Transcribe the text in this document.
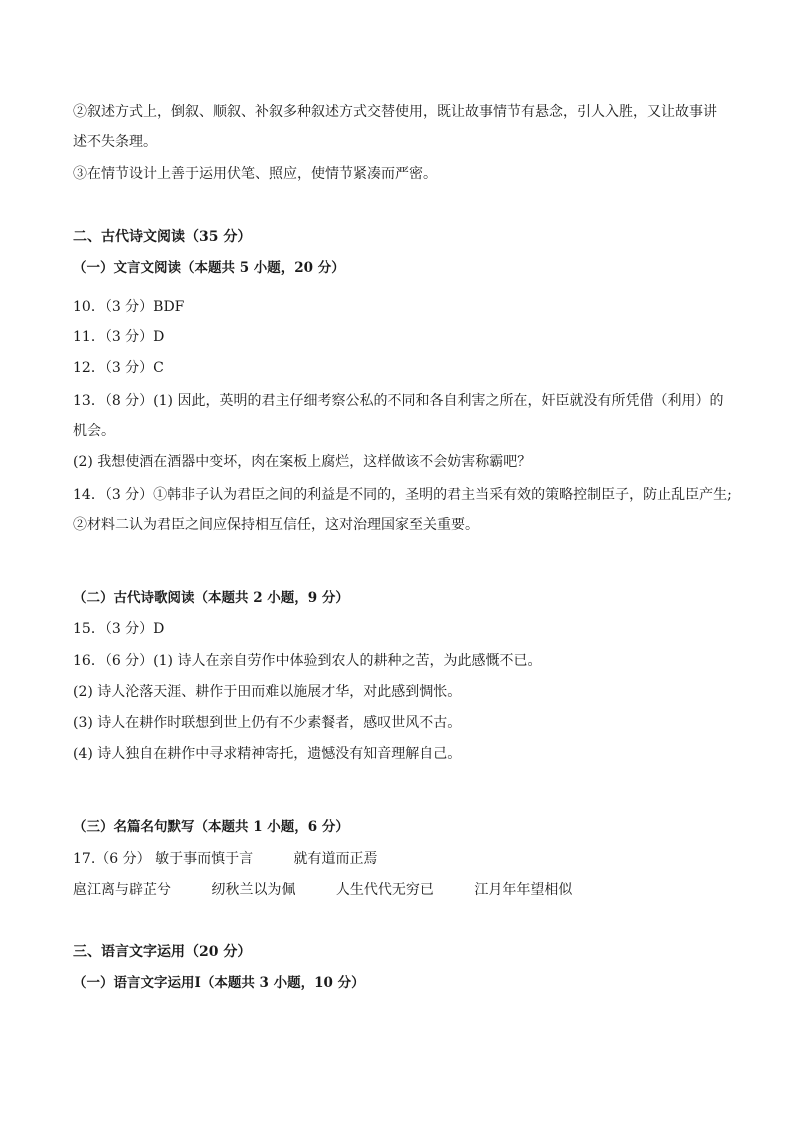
②叙述方式上，倒叙、顺叙、补叙多种叙述方式交替使用，既让故事情节有悬念，引人入胜，又让故事讲
述不失条理。
③在情节设计上善于运用伏笔、照应，使情节紧凑而严密。
二、古代诗文阅读（35 分）
（一）文言文阅读（本题共 5 小题，20 分）
10．（3 分）BDF
11．（3 分）D
12．（3 分）C
13．（8 分）(1) 因此，英明的君主仔细考察公私的不同和各自利害之所在，奸臣就没有所凭借（利用）的
机会。
(2) 我想使酒在酒器中变坏，肉在案板上腐烂，这样做该不会妨害称霸吧？
14．（3 分）①韩非子认为君臣之间的利益是不同的，圣明的君主当采有效的策略控制臣子，防止乱臣产生;
②材料二认为君臣之间应保持相互信任，这对治理国家至关重要。
（二）古代诗歌阅读（本题共 2 小题，9 分）
15．（3 分）D
16．（6 分）(1) 诗人在亲自劳作中体验到农人的耕种之苦，为此感慨不已。
(2) 诗人沦落天涯、耕作于田而难以施展才华，对此感到惆怅。
(3) 诗人在耕作时联想到世上仍有不少素餐者，感叹世风不古。
(4) 诗人独自在耕作中寻求精神寄托，遗憾没有知音理解自己。
（三）名篇名句默写（本题共 1 小题，6 分）
17.（6 分） 敏于事而慎于言	就有道而正焉
扈江离与辟芷兮	纫秋兰以为佩	人生代代无穷已	江月年年望相似
三、语言文字运用（20 分）
（一）语言文字运用Ⅰ（本题共 3 小题，10 分）
